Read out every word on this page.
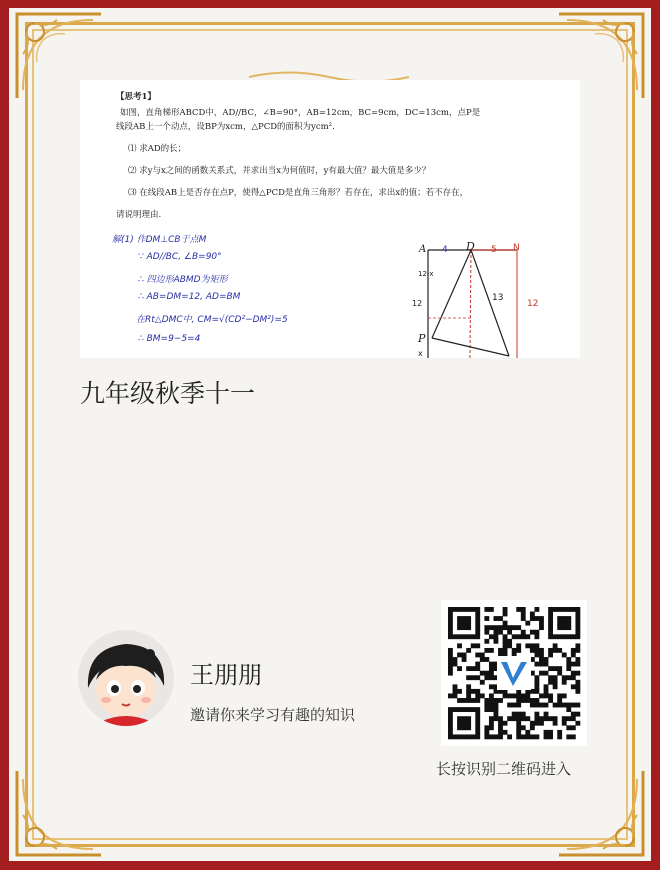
【思考1】
如图，直角梯形ABCD中，AD//BC，∠B=90°，AB=12cm，BC=9cm，DC=13cm，点P是
线段AB上一个动点，设BP为xcm，△PCD的面积为ycm².
⑴ 求AD的长；
⑵ 求y与x之间的函数关系式，并求出当x为何值时，y有最大值？最大值是多少？
⑶ 在线段AB上是否存在点P，使得△PCD是直角三角形？若存在，求出x的值；若不存在，
请说明理由.
解(1) 作DM⊥CB于点M
∵ AD//BC, ∠B=90°
∴ 四边形ABMD为矩形
∴ AB=DM=12, AD=BM
在Rt△DMC中, CM=√(CD²−DM²)=5
∴ BM=9−5=4
A	D	N
P
4	5
12-x
12
13
12
x
九年级秋季十一
王朋朋
邀请你来学习有趣的知识
长按识别二维码进入
